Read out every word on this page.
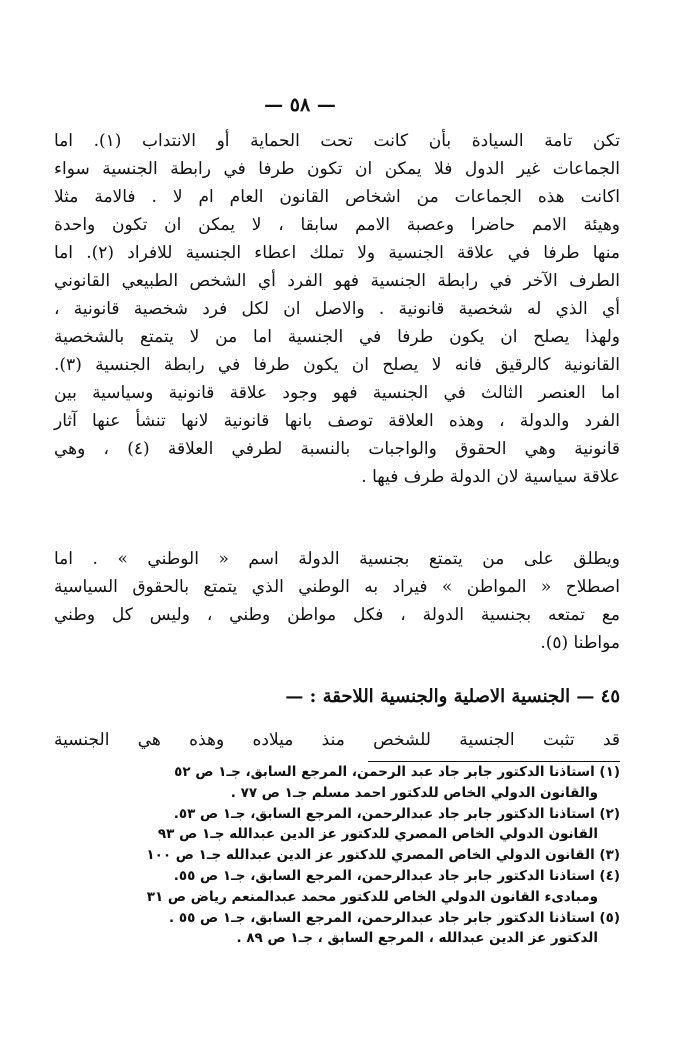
— ٥٨ —
تكن تامة السيادة بأن كانت تحت الحماية أو الانتداب (١). اما
الجماعات غير الدول فلا يمكن ان تكون طرفا في رابطة الجنسية سواء
اكانت هذه الجماعات من اشخاص القانون العام ام لا . فالامة مثلا
وهيئة الامم حاضرا وعصبة الامم سابقا ، لا يمكن ان تكون واحدة
منها طرفا في علاقة الجنسية ولا تملك اعطاء الجنسية للافراد (٢). اما
الطرف الآخر في رابطة الجنسية فهو الفرد أي الشخص الطبيعي القانوني
أي الذي له شخصية قانونية . والاصل ان لكل فرد شخصية قانونية ،
ولهذا يصلح ان يكون طرفا في الجنسية اما من لا يتمتع بالشخصية
القانونية كالرقيق فانه لا يصلح ان يكون طرفا في رابطة الجنسية (٣).
اما العنصر الثالث في الجنسية فهو وجود علاقة قانونية وسياسية بين
الفرد والدولة ، وهذه العلاقة توصف بانها قانونية لانها تنشأ عنها آثار
قانونية وهي الحقوق والواجبات بالنسبة لطرفي العلاقة (٤) ، وهي
علاقة سياسية لان الدولة طرف فيها .
ويطلق على من يتمتع بجنسية الدولة اسم « الوطني » . اما
اصطلاح « المواطن » فيراد به الوطني الذي يتمتع بالحقوق السياسية
مع تمتعه بجنسية الدولة ، فكل مواطن وطني ، وليس كل وطني
مواطنا (٥).
٤٥ — الجنسية الاصلية والجنسية اللاحقة : —
قد تثبت الجنسية للشخص منذ ميلاده وهذه هي الجنسية
(١) استاذنا الدكتور جابر جاد عبد الرحمن، المرجع السابق، جـ١ ص ٥٢
والقانون الدولي الخاص للدكتور احمد مسلم جـ١ ص ٧٧ .
(٢) استاذنا الدكتور جابر جاد عبدالرحمن، المرجع السابق، جـ١ ص ٥٣.
القانون الدولي الخاص المصري للدكتور عز الدين عبدالله جـ١ ص ٩٣
(٣) القانون الدولي الخاص المصري للدكتور عز الدين عبدالله جـ١ ص ١٠٠
(٤) استاذنا الدكتور جابر جاد عبدالرحمن، المرجع السابق، جـ١ ص ٥٥.
ومبادىء القانون الدولي الخاص للدكتور محمد عبدالمنعم رياض ص ٣١
(٥) استاذنا الدكتور جابر جاد عبدالرحمن، المرجع السابق، جـ١ ص ٥٥ .
الدكتور عز الدين عبدالله ، المرجع السابق ، جـ١ ص ٨٩ .
